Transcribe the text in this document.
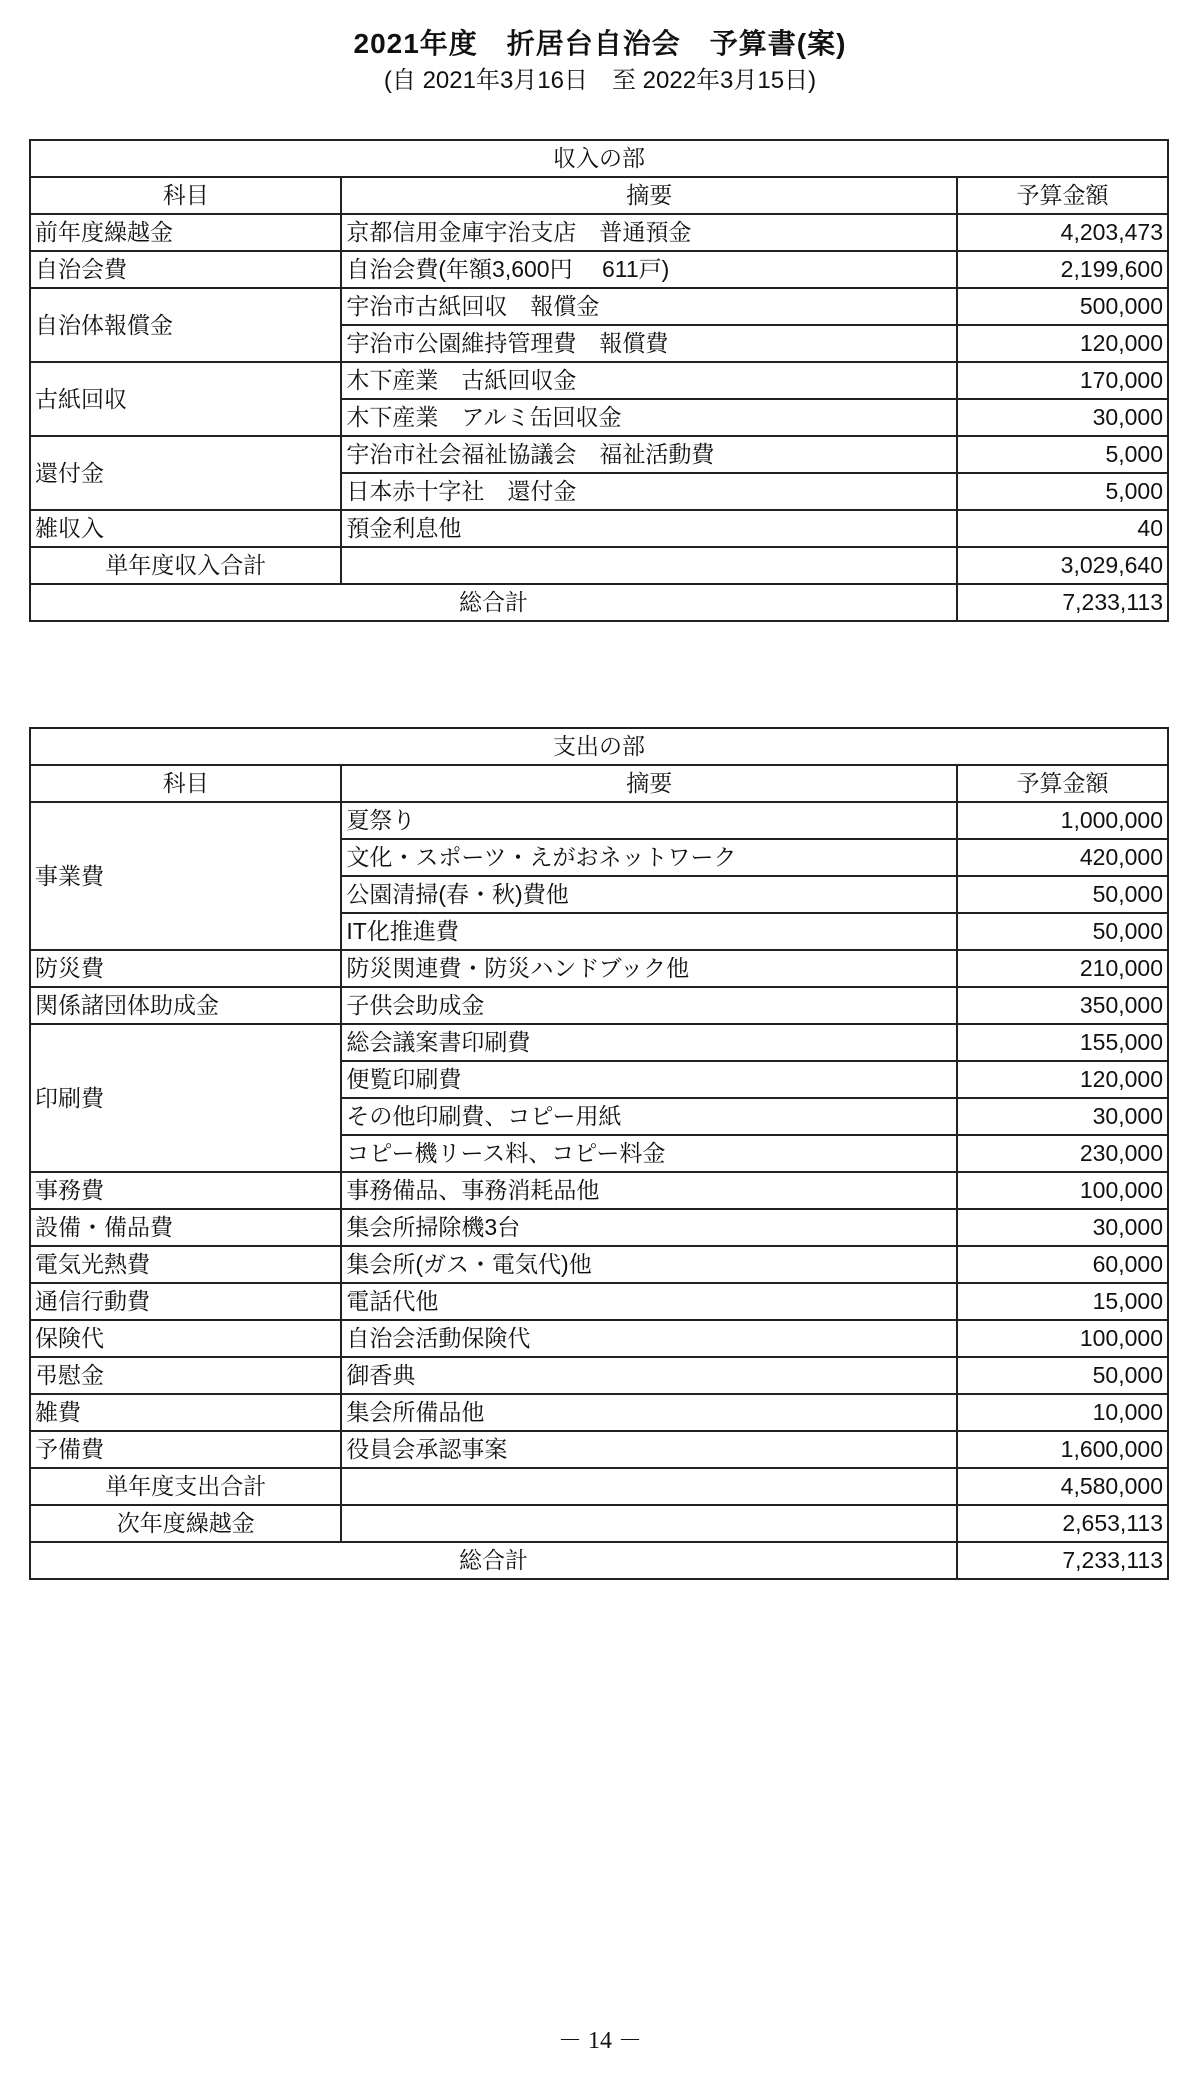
2021年度　折居台自治会　予算書(案)
(自 2021年3月16日　至 2022年3月15日)
収入の部		
科目	摘要	予算金額
前年度繰越金	京都信用金庫宇治支店　普通預金	4,203,473
自治会費	自治会費(年額3,600円　 611戸)	2,199,600
自治体報償金	宇治市古紙回収　報償金	500,000
	宇治市公園維持管理費　報償費	120,000
古紙回収	木下産業　古紙回収金	170,000
	木下産業　アルミ缶回収金	30,000
還付金	宇治市社会福祉協議会　福祉活動費	5,000
	日本赤十字社　還付金	5,000
雑収入	預金利息他	40
単年度収入合計		3,029,640
総合計		7,233,113
支出の部		
科目	摘要	予算金額
事業費	夏祭り	1,000,000
	文化・スポーツ・えがおネットワーク	420,000
	公園清掃(春・秋)費他	50,000
	IT化推進費	50,000
防災費	防災関連費・防災ハンドブック他	210,000
関係諸団体助成金	子供会助成金	350,000
印刷費	総会議案書印刷費	155,000
	便覧印刷費	120,000
	その他印刷費、コピー用紙	30,000
	コピー機リース料、コピー料金	230,000
事務費	事務備品、事務消耗品他	100,000
設備・備品費	集会所掃除機3台	30,000
電気光熱費	集会所(ガス・電気代)他	60,000
通信行動費	電話代他	15,000
保険代	自治会活動保険代	100,000
弔慰金	御香典	50,000
雑費	集会所備品他	10,000
予備費	役員会承認事案	1,600,000
単年度支出合計		4,580,000
次年度繰越金		2,653,113
総合計		7,233,113
－ 14 －
